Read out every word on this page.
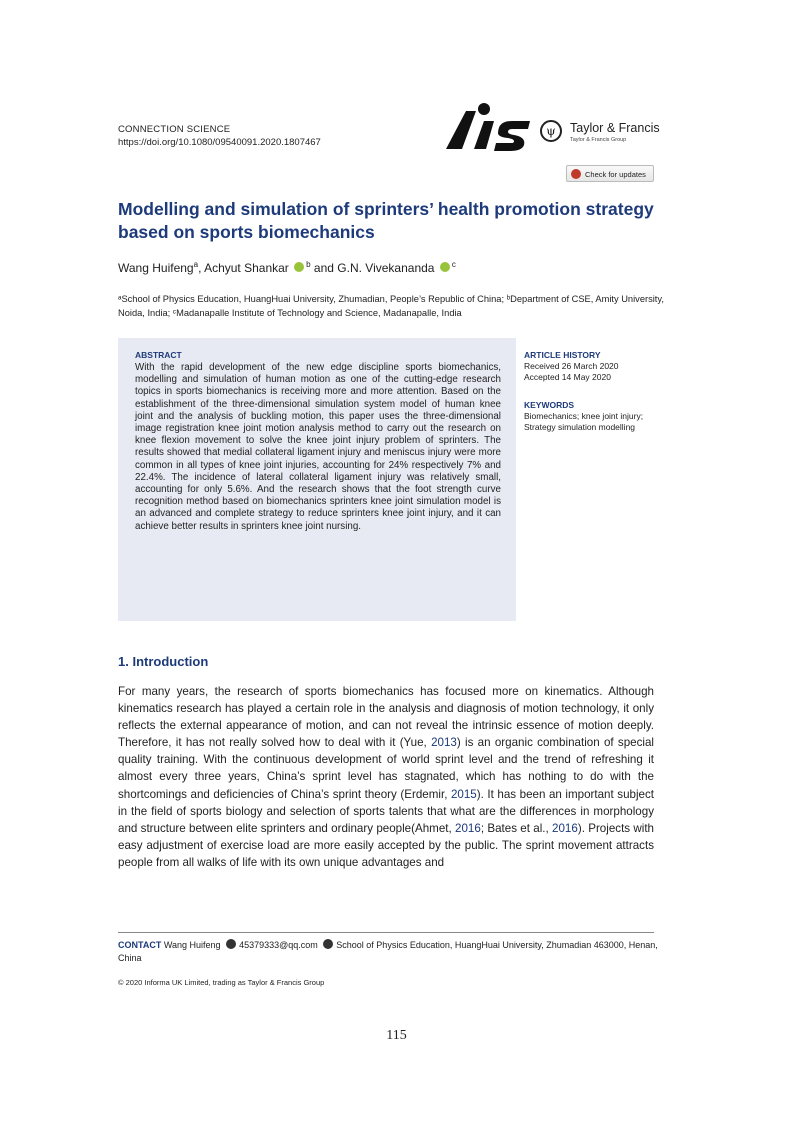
CONNECTION SCIENCE
https://doi.org/10.1080/09540091.2020.1807467
ψ	Taylor & Francis
Taylor & Francis Group
Check for updates
Modelling and simulation of sprinters’ health promotion strategy based on sports biomechanics
Wang Huifeng$^a$, Achyut Shankar $^b$ and G.N. Vivekananda $^c$
ᵃSchool of Physics Education, HuangHuai University, Zhumadian, People’s Republic of China; ᵇDepartment of CSE, Amity University, Noida, India; ᶜMadanapalle Institute of Technology and Science, Madanapalle, India
ABSTRACT
With the rapid development of the new edge discipline sports biomechanics, modelling and simulation of human motion as one of the cutting-edge research topics in sports biomechanics is receiving more and more attention. Based on the establishment of the three-dimensional simulation system model of human knee joint and the analysis of buckling motion, this paper uses the three-dimensional image registration knee joint motion analysis method to carry out the research on knee flexion movement to solve the knee joint injury problem of sprinters. The results showed that medial collateral ligament injury and meniscus injury were more common in all types of knee joint injuries, accounting for 24% respectively 7% and 22.4%. The incidence of lateral collateral ligament injury was relatively small, accounting for only 5.6%. And the research shows that the foot strength curve recognition method based on biomechanics sprinters knee joint simulation model is an advanced and complete strategy to reduce sprinters knee joint injury, and it can achieve better results in sprinters knee joint nursing.
ARTICLE HISTORY
Received 26 March 2020
Accepted 14 May 2020
KEYWORDS
Biomechanics; knee joint injury; Strategy simulation modelling
1. Introduction
For many years, the research of sports biomechanics has focused more on kinematics. Although kinematics research has played a certain role in the analysis and diagnosis of motion technology, it only reflects the external appearance of motion, and can not reveal the intrinsic essence of motion deeply. Therefore, it has not really solved how to deal with it (Yue, 2013) is an organic combination of special quality training. With the continuous development of world sprint level and the trend of refreshing it almost every three years, China’s sprint level has stagnated, which has nothing to do with the shortcomings and deficiencies of China’s sprint theory (Erdemir, 2015). It has been an important subject in the field of sports biology and selection of sports talents that what are the differences in morphology and structure between elite sprinters and ordinary people(Ahmet, 2016; Bates et al., 2016). Projects with easy adjustment of exercise load are more easily accepted by the public. The sprint movement attracts people from all walks of life with its own unique advantages and
CONTACT Wang Huifeng 45379333@qq.com School of Physics Education, HuangHuai University, Zhumadian 463000, Henan, China
© 2020 Informa UK Limited, trading as Taylor & Francis Group
115
